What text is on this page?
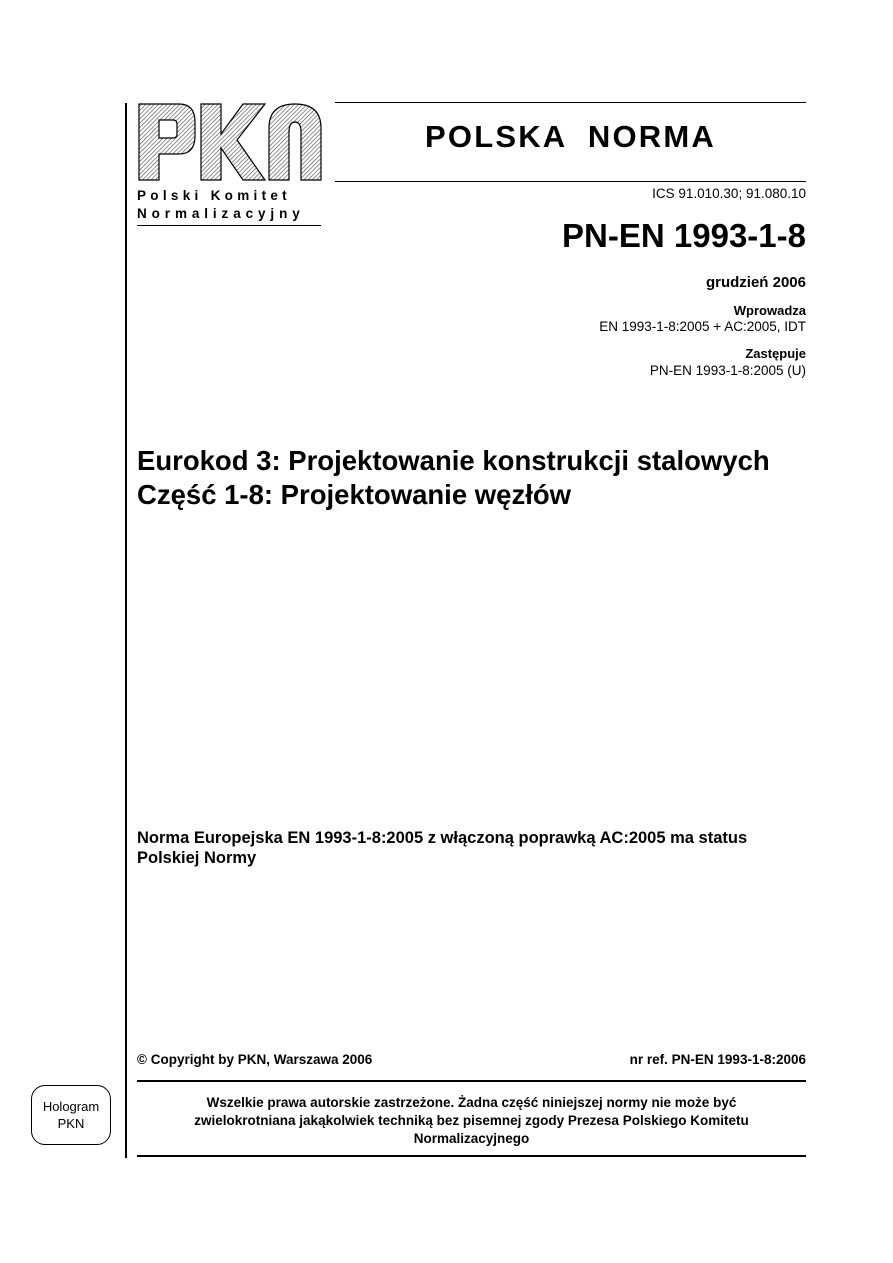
Polski Komitet
Normalizacyjny
POLSKA  NORMA
ICS 91.010.30; 91.080.10
PN-EN 1993-1-8
grudzień 2006
Wprowadza
EN 1993-1-8:2005 + AC:2005, IDT
Zastępuje
PN-EN 1993-1-8:2005 (U)
Eurokod 3: Projektowanie konstrukcji stalowych
Część 1-8: Projektowanie węzłów
Norma Europejska EN 1993-1-8:2005 z włączoną poprawką AC:2005 ma status Polskiej Normy
© Copyright by PKN, Warszawa 2006	nr ref. PN-EN 1993-1-8:2006
Wszelkie prawa autorskie zastrzeżone. Żadna część niniejszej normy nie może być
zwielokrotniana jakąkolwiek techniką bez pisemnej zgody Prezesa Polskiego Komitetu
Normalizacyjnego
Hologram
PKN
